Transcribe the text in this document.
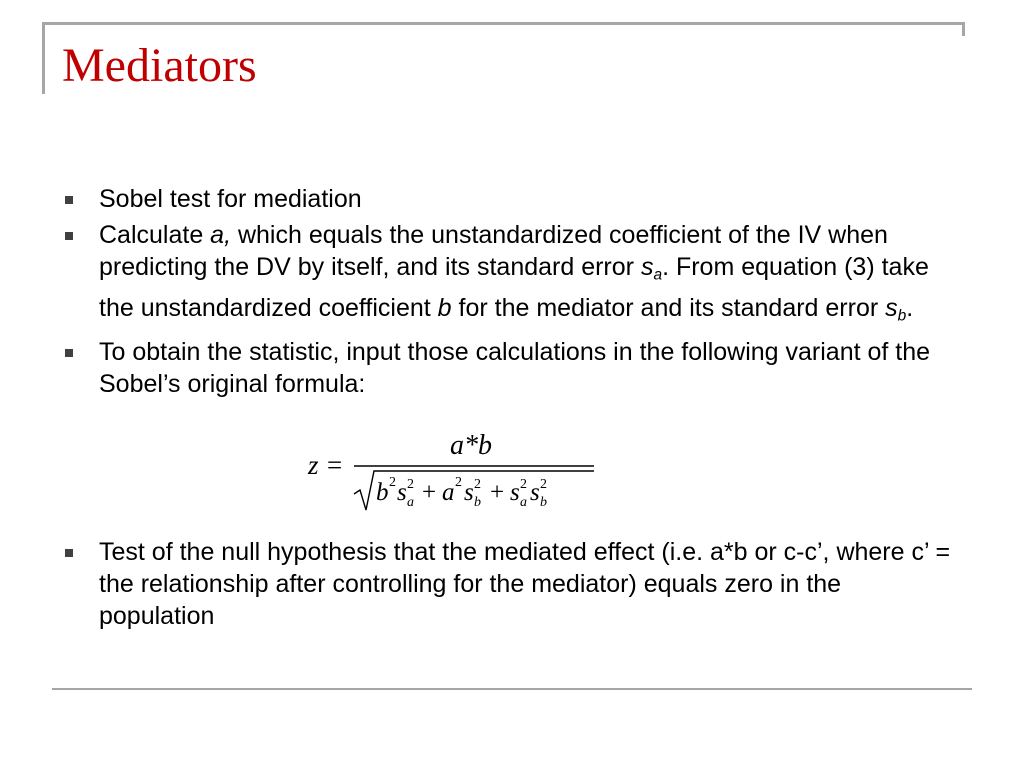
Mediators
Sobel test for mediation
Calculate a, which equals the unstandardized coefficient of the IV when predicting the DV by itself, and its standard error $s_a$. From equation (3) take the unstandardized coefficient b for the mediator and its standard error $s_b$.
To obtain the statistic, input those calculations in the following variant of the Sobel’s original formula:
z =
a*b
b 2 s 2
a + a 2 s 2
b + s 2
a s 2
b
Test of the null hypothesis that the mediated effect (i.e. a*b or c-c’, where c’ = the relationship after controlling for the mediator) equals zero in the population
